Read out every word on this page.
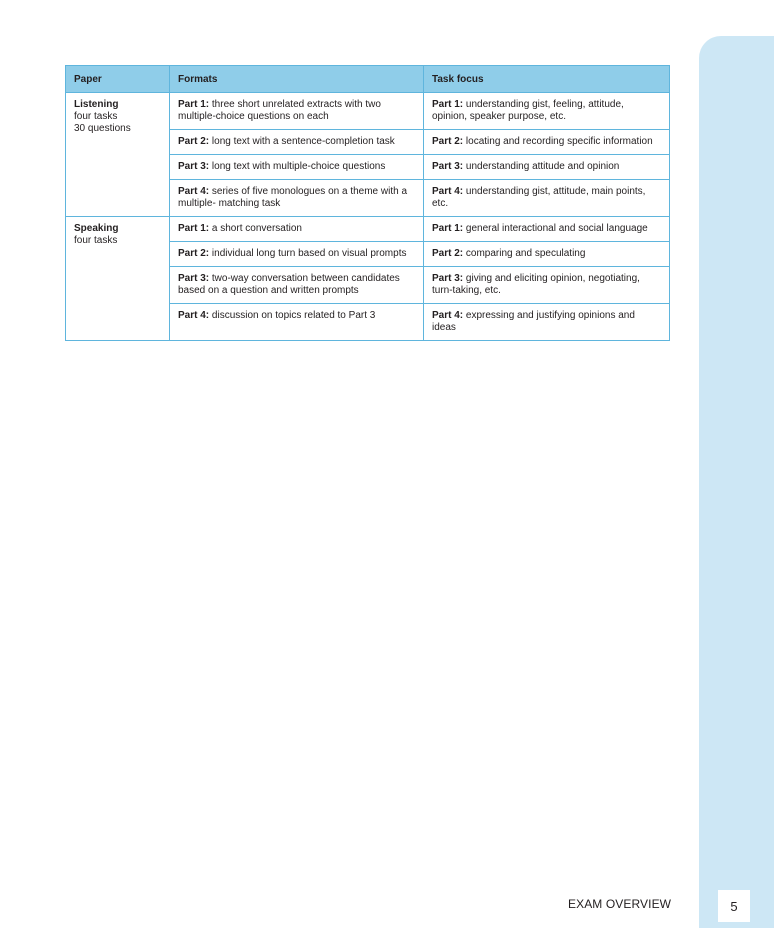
Paper	Formats	Task focus

Listening
four tasks
30 questions	Part 1: three short unrelated extracts with two multiple-choice questions on each	Part 1: understanding gist, feeling, attitude, opinion, speaker purpose, etc.
	Part 2: long text with a sentence-completion task	Part 2: locating and recording specific information
	Part 3: long text with multiple-choice questions	Part 3: understanding attitude and opinion
	Part 4: series of five monologues on a theme with a multiple- matching task	Part 4: understanding gist, attitude, main points, etc.

Speaking
four tasks	Part 1: a short conversation	Part 1: general interactional and social language
	Part 2: individual long turn based on visual prompts	Part 2: comparing and speculating
	Part 3: two-way conversation between candidates based on a question and written prompts	Part 3: giving and eliciting opinion, negotiating, turn-taking, etc.
	Part 4: discussion on topics related to Part 3	Part 4: expressing and justifying opinions and ideas
EXAM OVERVIEW	5
